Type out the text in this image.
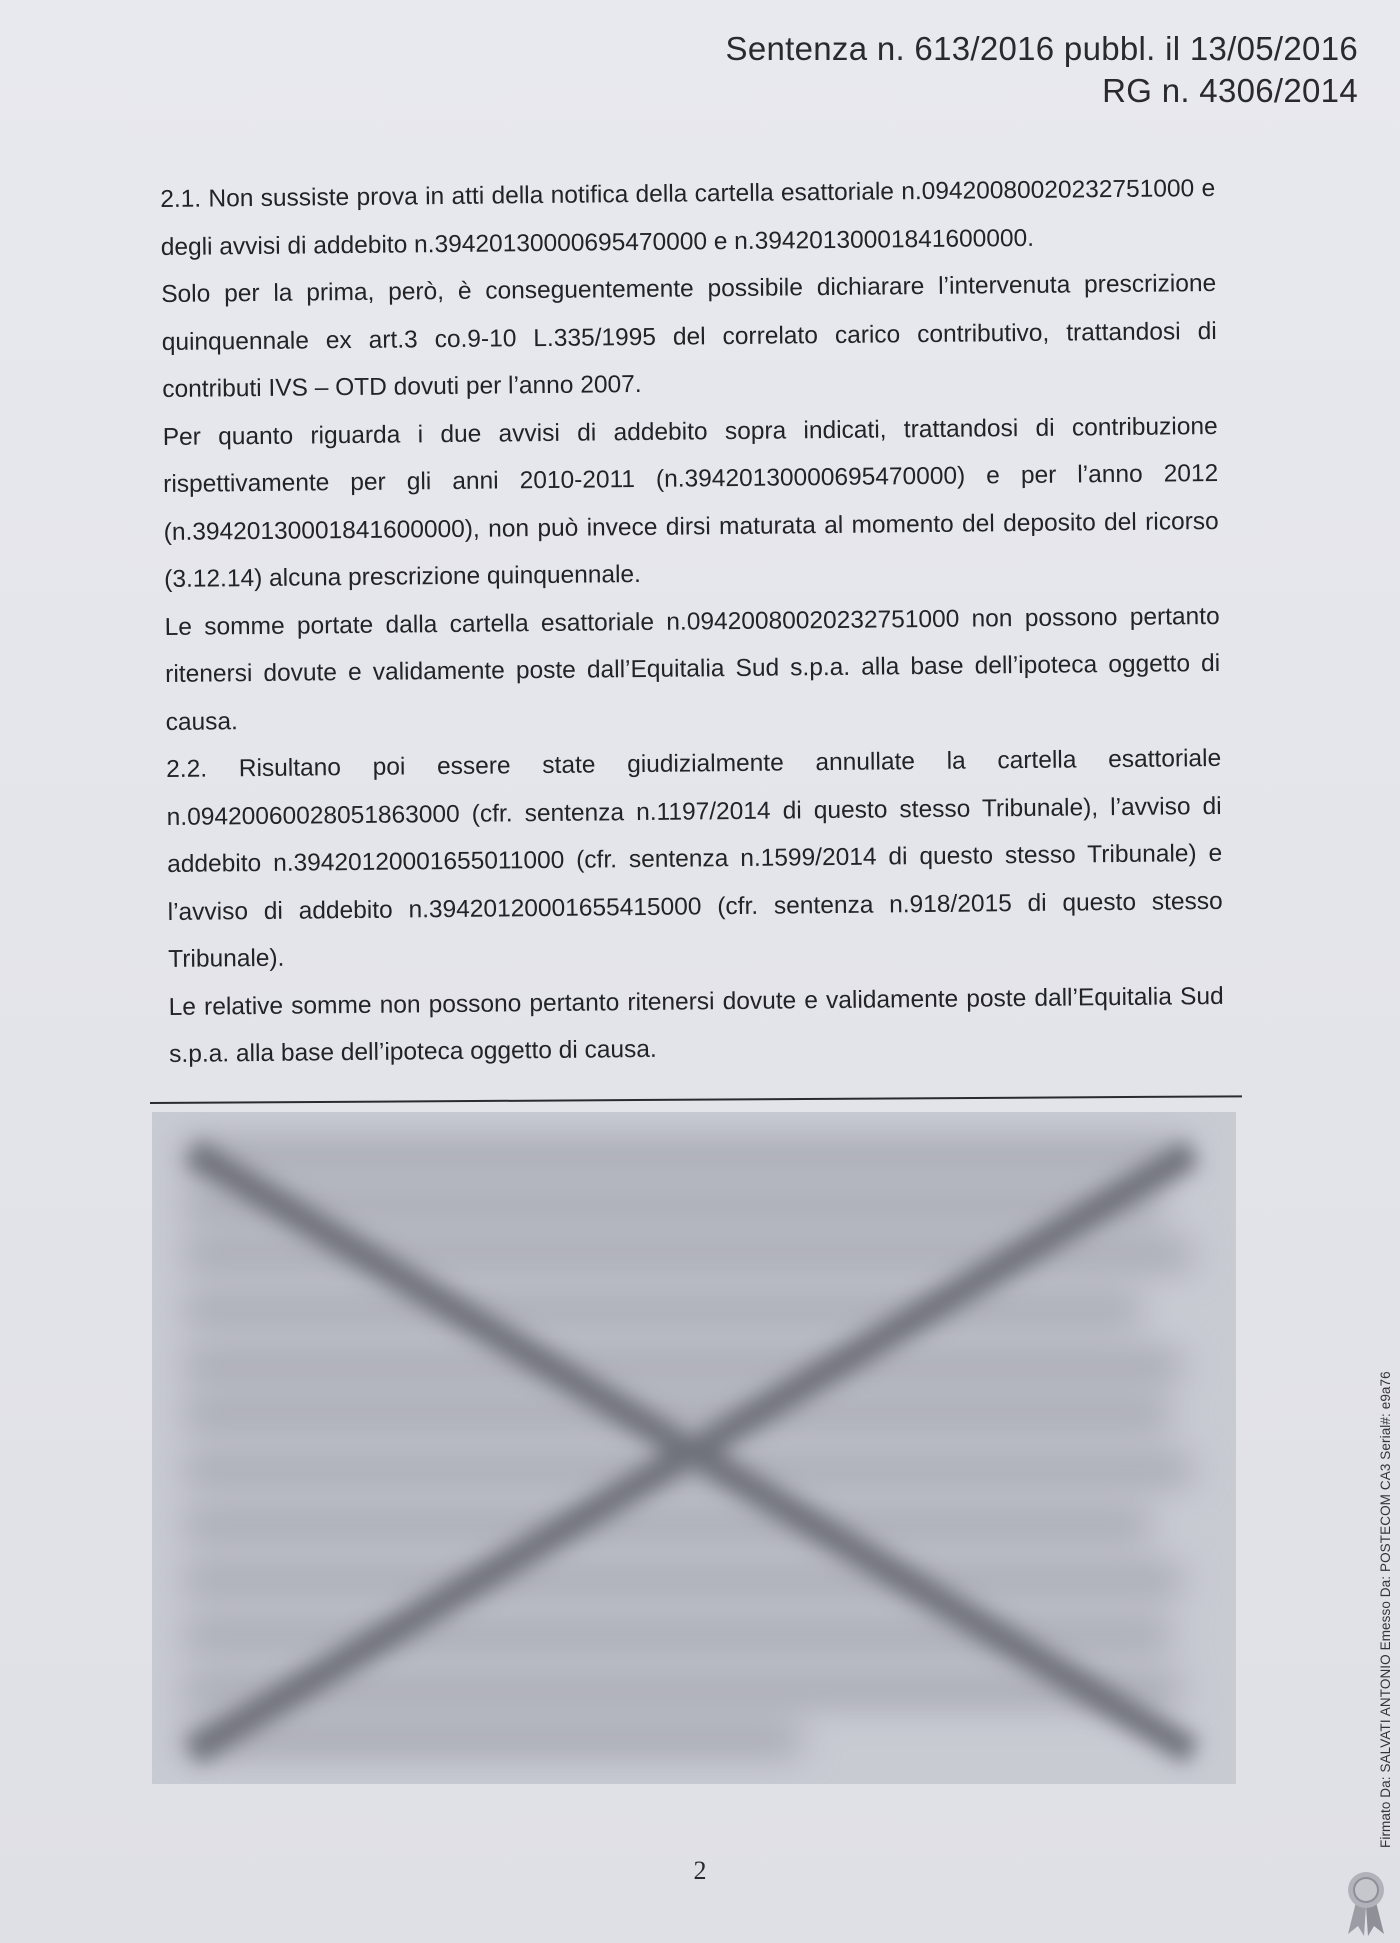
Sentenza n. 613/2016 pubbl. il 13/05/2016
RG n. 4306/2014

2.1. Non sussiste prova in atti della notifica della cartella esattoriale n.09420080020232751000 e degli avvisi di addebito n.39420130000695470000 e n.39420130001841600000.

Solo per la prima, però, è conseguentemente possibile dichiarare l’intervenuta prescrizione quinquennale ex art.3 co.9-10 L.335/1995 del correlato carico contributivo, trattandosi di contributi IVS – OTD dovuti per l’anno 2007.

Per quanto riguarda i due avvisi di addebito sopra indicati, trattandosi di contribuzione rispettivamente per gli anni 2010-2011 (n.39420130000695470000) e per l’anno 2012 (n.39420130001841600000), non può invece dirsi maturata al momento del deposito del ricorso (3.12.14) alcuna prescrizione quinquennale.

Le somme portate dalla cartella esattoriale n.09420080020232751000 non possono pertanto ritenersi dovute e validamente poste dall’Equitalia Sud s.p.a. alla base dell’ipoteca oggetto di causa.

2.2. Risultano poi essere state giudizialmente annullate la cartella esattoriale n.09420060028051863000 (cfr. sentenza n.1197/2014 di questo stesso Tribunale), l’avviso di addebito n.39420120001655011000 (cfr. sentenza n.1599/2014 di questo stesso Tribunale) e l’avviso di addebito n.39420120001655415000 (cfr. sentenza n.918/2015 di questo stesso Tribunale).

Le relative somme non possono pertanto ritenersi dovute e validamente poste dall’Equitalia Sud s.p.a. alla base dell’ipoteca oggetto di causa.

2
Firmato Da: SALVATI ANTONIO Emesso Da: POSTECOM CA3 Serial#: e9a76
